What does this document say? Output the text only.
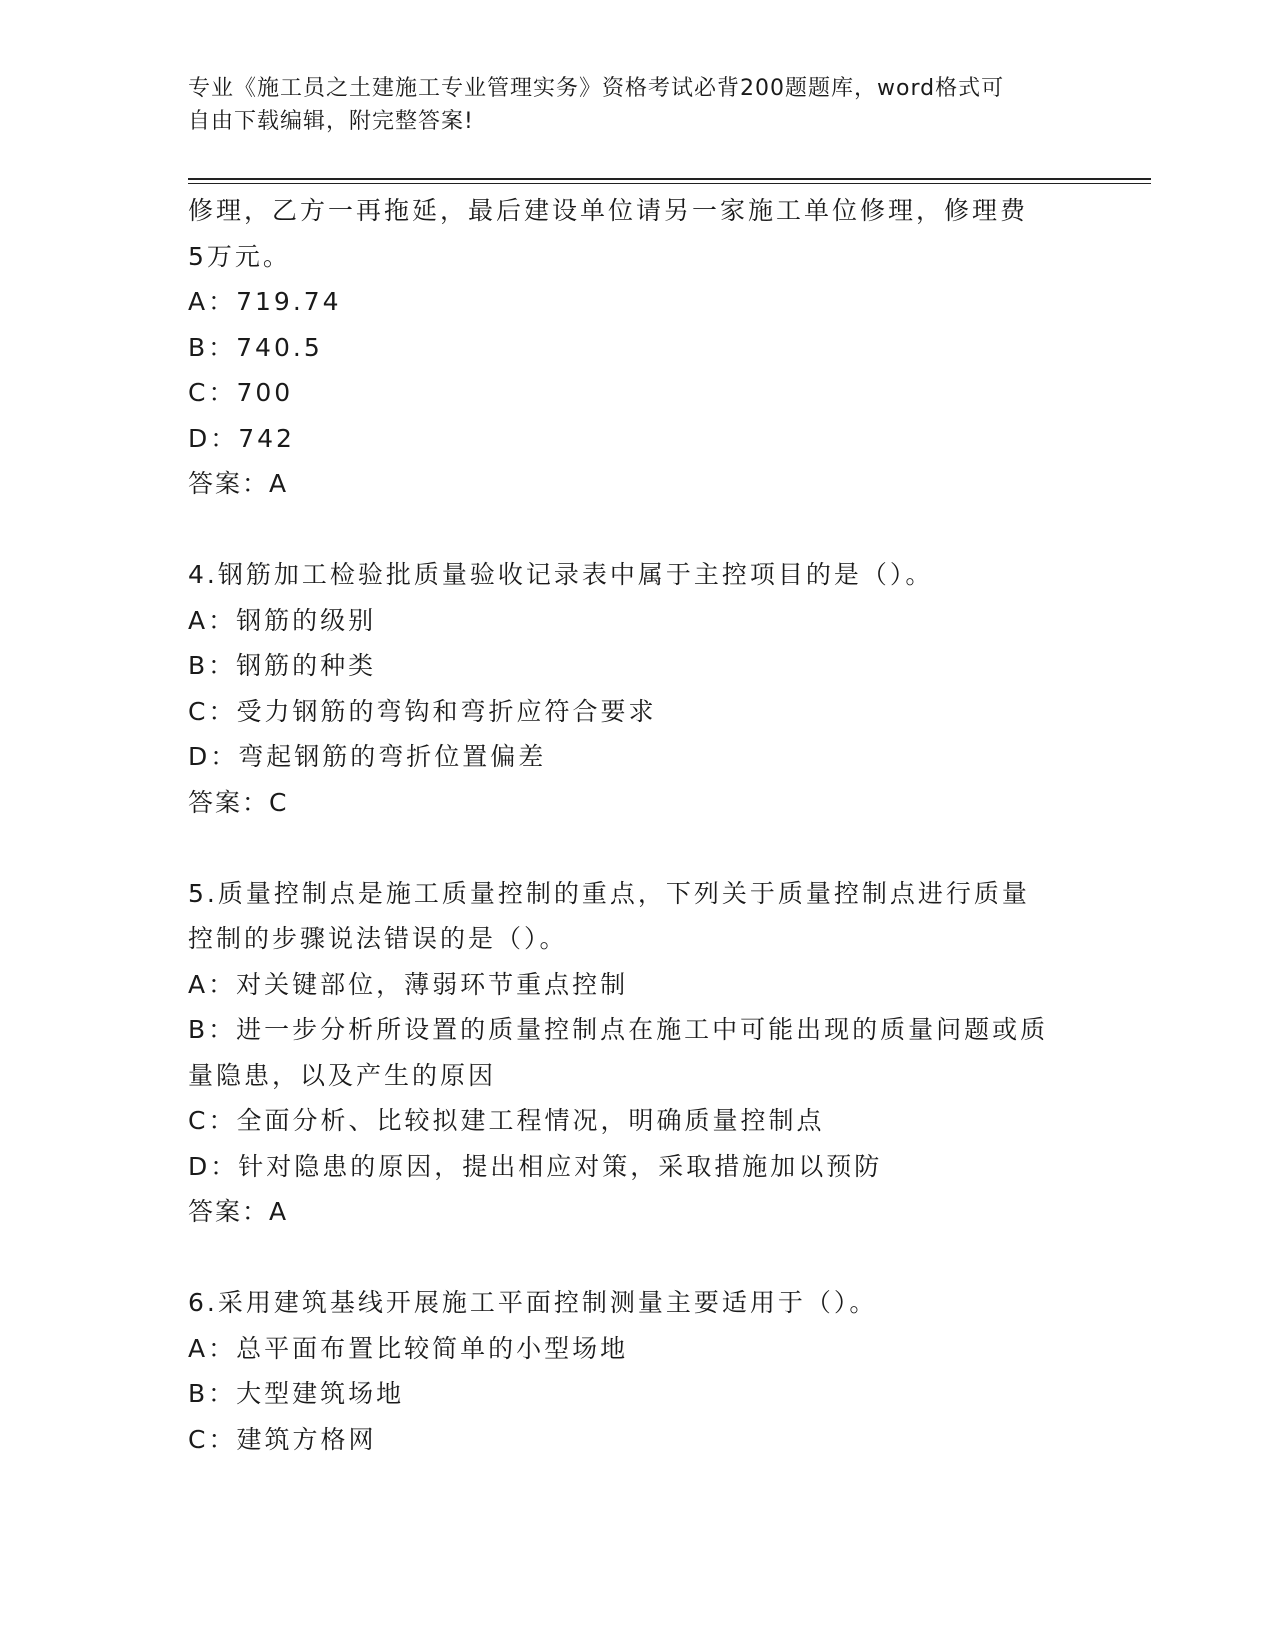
专业《施工员之土建施工专业管理实务》资格考试必背200题题库，word格式可
自由下载编辑，附完整答案!
修理，乙方一再拖延，最后建设单位请另一家施工单位修理，修理费
5万元。
A：719.74
B：740.5
C：700
D：742
答案：A
4.钢筋加工检验批质量验收记录表中属于主控项目的是（）。
A：钢筋的级别
B：钢筋的种类
C：受力钢筋的弯钩和弯折应符合要求
D：弯起钢筋的弯折位置偏差
答案：C
5.质量控制点是施工质量控制的重点，下列关于质量控制点进行质量
控制的步骤说法错误的是（）。
A：对关键部位，薄弱环节重点控制
B：进一步分析所设置的质量控制点在施工中可能出现的质量问题或质
量隐患，以及产生的原因
C：全面分析、比较拟建工程情况，明确质量控制点
D：针对隐患的原因，提出相应对策，采取措施加以预防
答案：A
6.采用建筑基线开展施工平面控制测量主要适用于（）。
A：总平面布置比较简单的小型场地
B：大型建筑场地
C：建筑方格网
